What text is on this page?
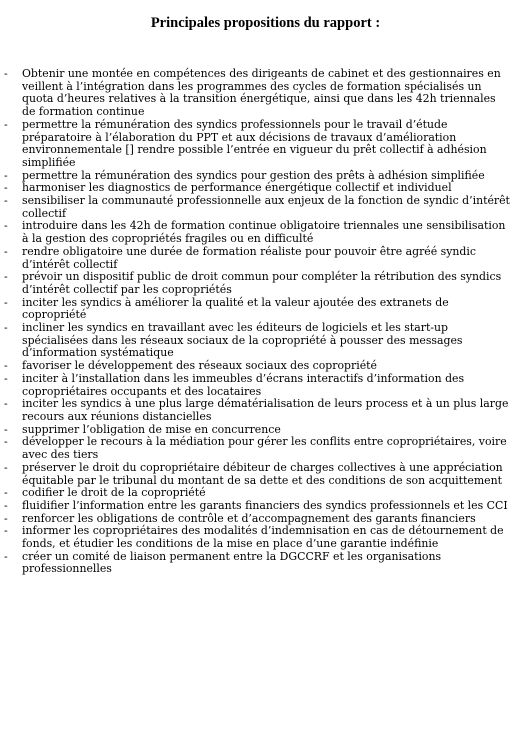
Principales propositions du rapport :
- Obtenir une montée en compétences des dirigeants de cabinet et des gestionnaires en veillent à l’intégration dans les programmes des cycles de formation spécialisés un quota d’heures relatives à la transition énergétique, ainsi que dans les 42h triennales de formation continue
- permettre la rémunération des syndics professionnels pour le travail d’étude préparatoire à l’élaboration du PPT et aux décisions de travaux d’amélioration environnementale [] rendre possible l’entrée en vigueur du prêt collectif à adhésion simplifiée
- permettre la rémunération des syndics pour gestion des prêts à adhésion simplifiée
- harmoniser les diagnostics de performance énergétique collectif et individuel
- sensibiliser la communauté professionnelle aux enjeux de la fonction de syndic d’intérêt collectif
- introduire dans les 42h de formation continue obligatoire triennales une sensibilisation à la gestion des copropriétés fragiles ou en difficulté
- rendre obligatoire une durée de formation réaliste pour pouvoir être agréé syndic d’intérêt collectif
- prévoir un dispositif public de droit commun pour compléter la rétribution des syndics d’intérêt collectif par les copropriétés
- inciter les syndics à améliorer la qualité et la valeur ajoutée des extranets de copropriété
- incliner les syndics en travaillant avec les éditeurs de logiciels et les start-up spécialisées dans les réseaux sociaux de la copropriété à pousser des messages d’information systématique
- favoriser le développement des réseaux sociaux des copropriété
- inciter à l’installation dans les immeubles d’écrans interactifs d’information des copropriétaires occupants et des locataires
- inciter les syndics à une plus large dématérialisation de leurs process et à un plus large recours aux réunions distancielles
- supprimer l’obligation de mise en concurrence
- développer le recours à la médiation pour gérer les conflits entre copropriétaires, voire avec des tiers
- préserver le droit du copropriétaire débiteur de charges collectives à une appréciation équitable par le tribunal du montant de sa dette et des conditions de son acquittement
- codifier le droit de la copropriété
- fluidifier l’information entre les garants financiers des syndics professionnels et les CCI
- renforcer les obligations de contrôle et d’accompagnement des garants financiers
- informer les copropriétaires des modalités d’indemnisation en cas de détournement de fonds, et étudier les conditions de la mise en place d’une garantie indéfinie
- créer un comité de liaison permanent entre la DGCCRF et les organisations professionnelles
